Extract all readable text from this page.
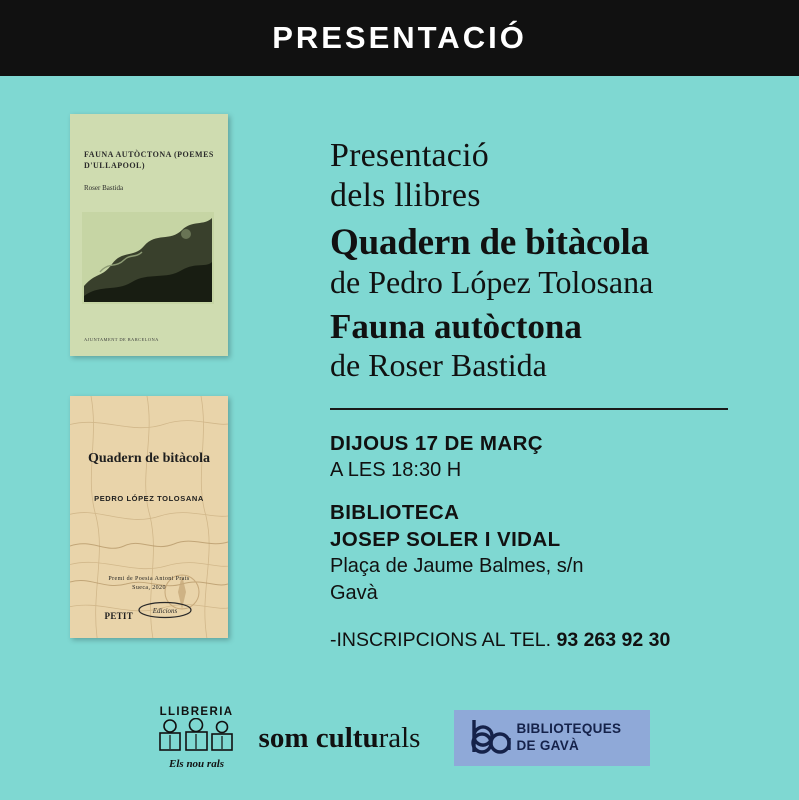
PRESENTACIÓ
FAUNA AUTÒCTONA (POEMES D'ULLAPOOL)
Roser Bastida
AJUNTAMENT DE BARCELONA
Quadern de bitàcola
PEDRO LÓPEZ TOLOSANA
Premi de Poesia Antoni Prats
Sueca, 2020
PETIT	Edicions
Presentació
dels llibres
Quadern de bitàcola
de Pedro López Tolosana
Fauna autòctona
de Roser Bastida
DIJOUS 17 DE MARÇ
A LES 18:30 H
BIBLIOTECA
JOSEP SOLER I VIDAL
Plaça de Jaume Balmes, s/n
Gavà
-INSCRIPCIONS AL TEL. 93 263 92 30
LLIBRERIA
Els nou rals
som culturals	BIBLIOTEQUES
DE GAVÀ
